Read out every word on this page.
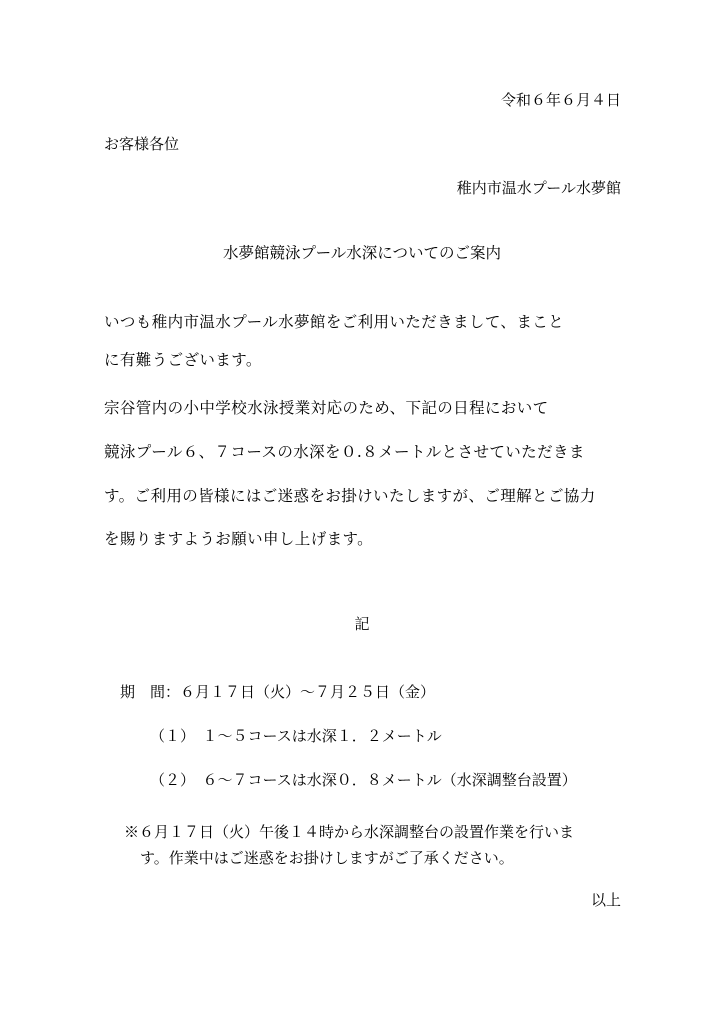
令和６年６月４日
お客様各位
稚内市温水プール水夢館
水夢館競泳プール水深についてのご案内
いつも稚内市温水プール水夢館をご利用いただきまして、まこと
に有難うございます。
宗谷管内の小中学校水泳授業対応のため、下記の日程において
競泳プール６、７コースの水深を０.８メートルとさせていただきま
す。ご利用の皆様にはご迷惑をお掛けいたしますが、ご理解とご協力
を賜りますようお願い申し上げます。
記
期　間：６月１７日（火）～７月２５日（金）
（１）　１～５コースは水深１．２メートル
（２）　６～７コースは水深０．８メートル（水深調整台設置）
※６月１７日（火）午後１４時から水深調整台の設置作業を行いま
す。作業中はご迷惑をお掛けしますがご了承ください。
以上
